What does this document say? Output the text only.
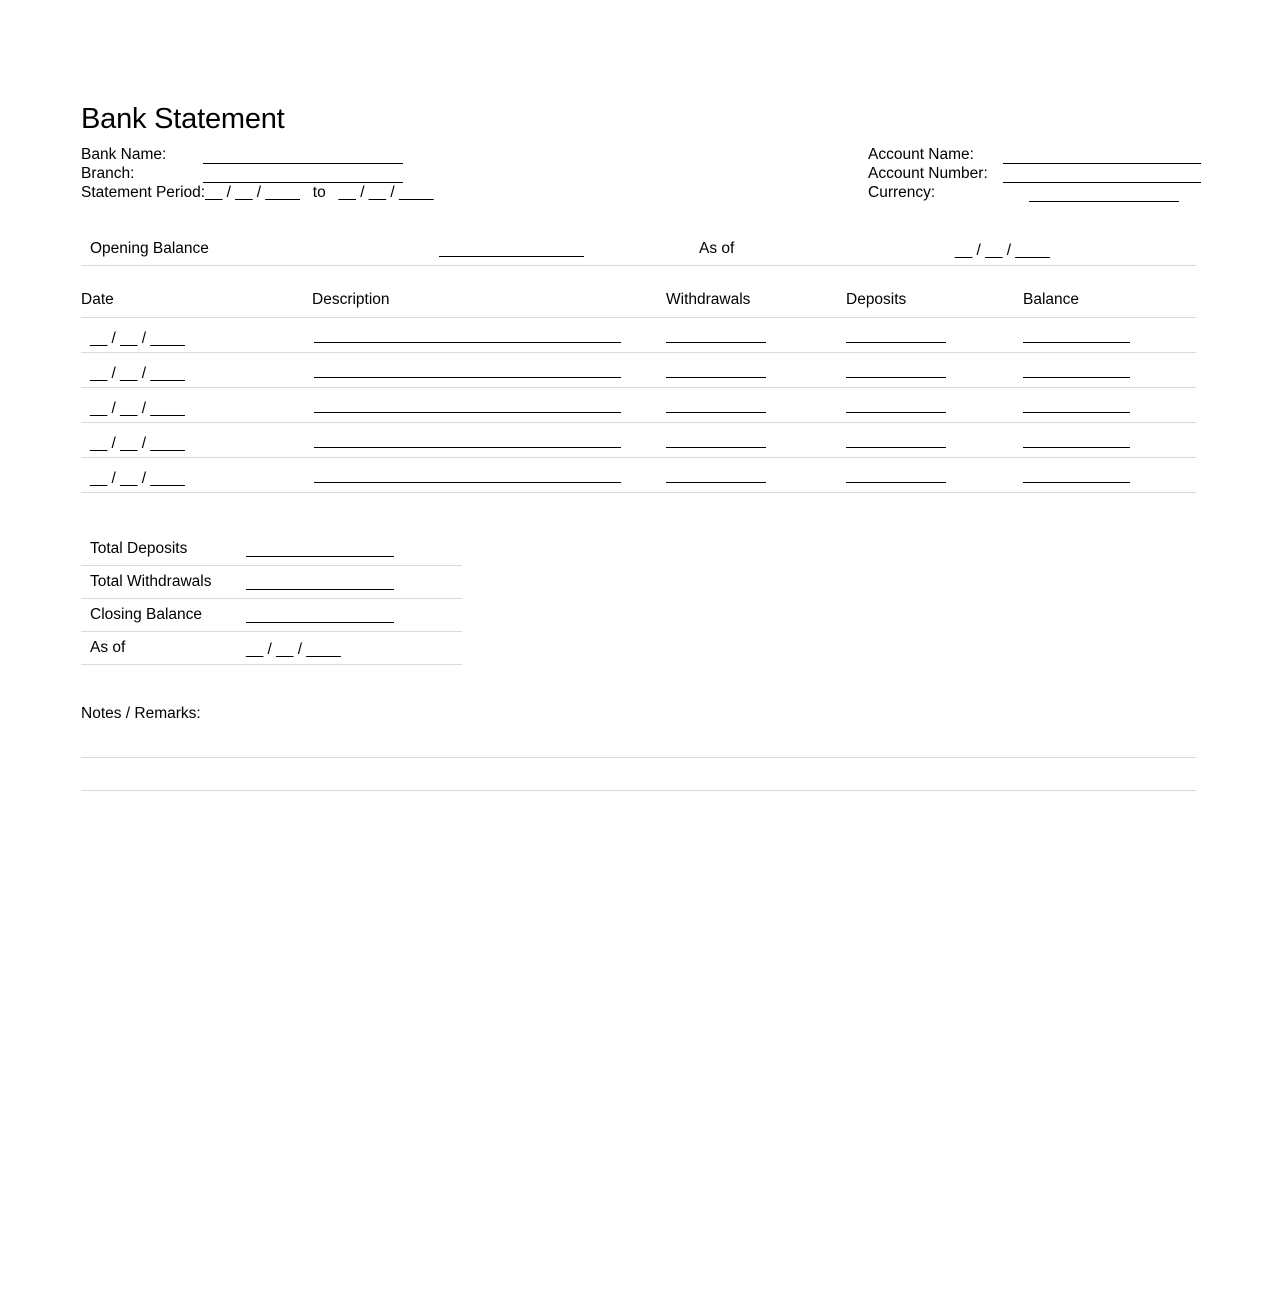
Bank Statement
Bank Name:
Branch:
Statement Period: __ / __ / ____   to   __ / __ / ____
Account Name:
Account Number:
Currency:
Opening Balance	As of	__ / __ / ____
Date	Description	Withdrawals	Deposits	Balance
__ / __ / ____
__ / __ / ____
__ / __ / ____
__ / __ / ____
__ / __ / ____
Total Deposits
Total Withdrawals
Closing Balance
As of	__ / __ / ____
Notes / Remarks:
